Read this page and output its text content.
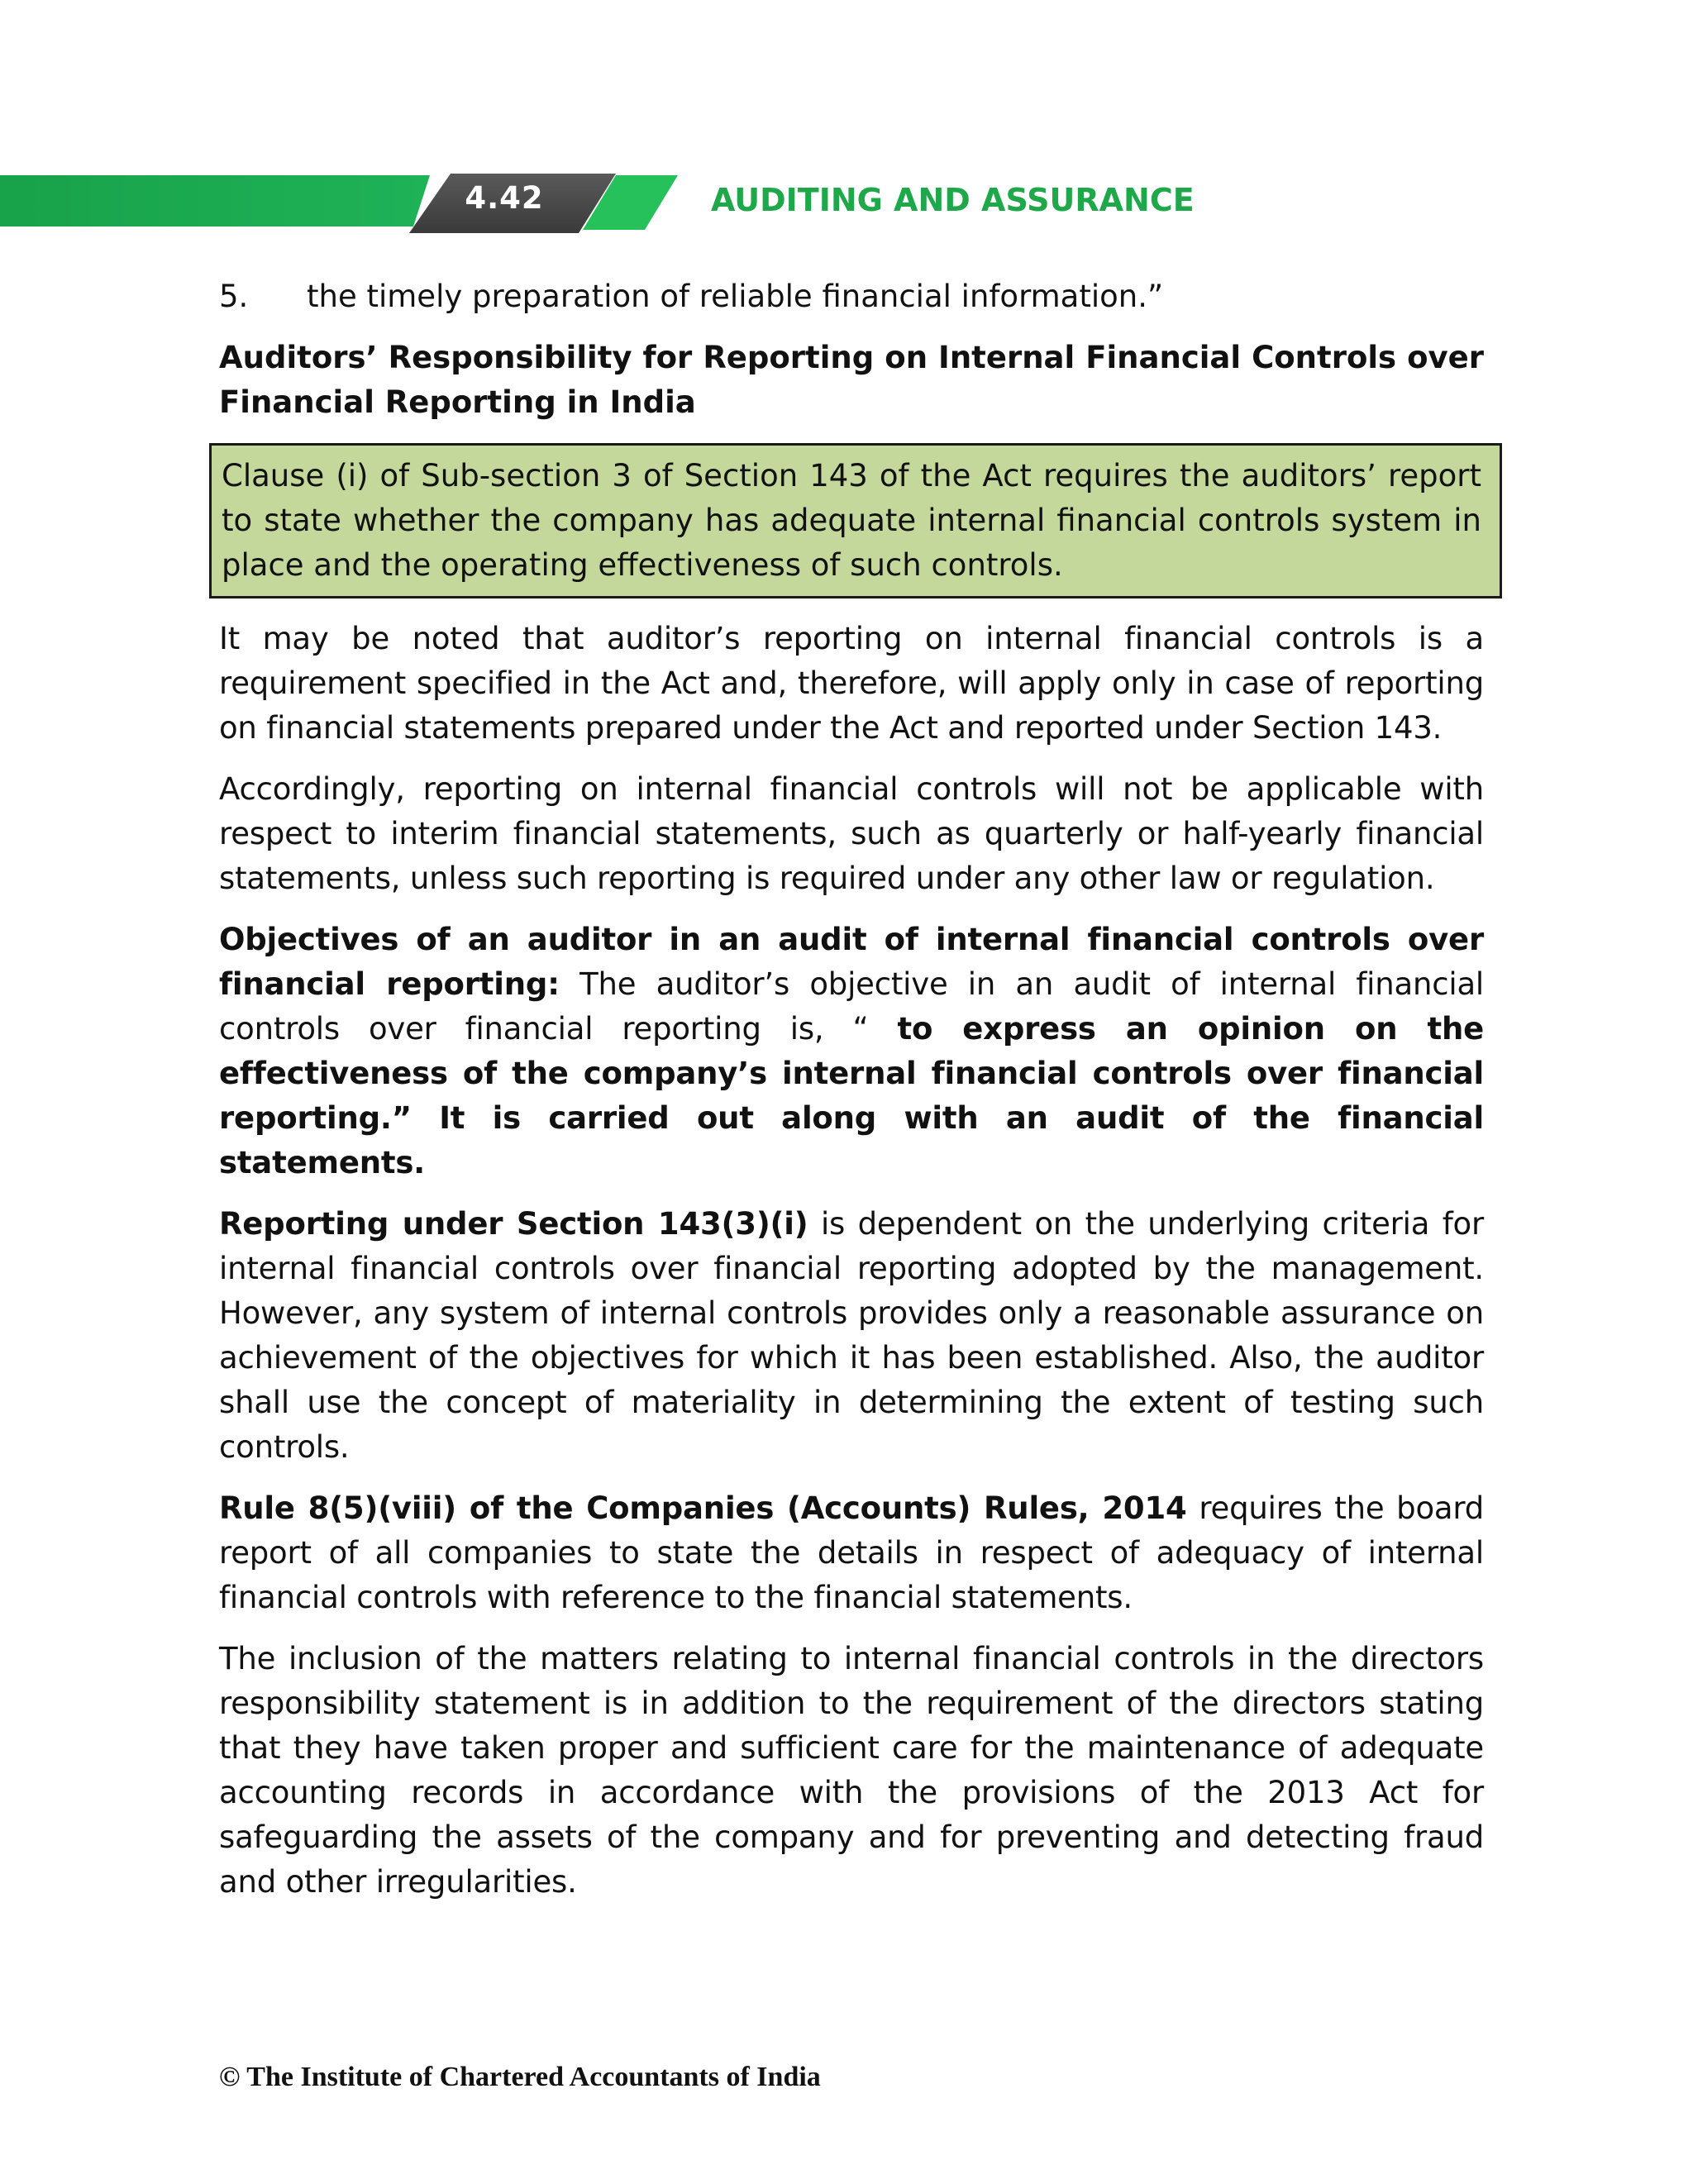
4.42	AUDITING AND ASSURANCE
5.	the timely preparation of reliable financial information.”
Auditors’ Responsibility for Reporting on Internal Financial Controls over Financial Reporting in India
Clause (i) of Sub-section 3 of Section 143 of the Act requires the auditors’ report to state whether the company has adequate internal financial controls system in place and the operating effectiveness of such controls.

It may be noted that auditor’s reporting on internal financial controls is a requirement specified in the Act and, therefore, will apply only in case of reporting on financial statements prepared under the Act and reported under Section 143.

Accordingly, reporting on internal financial controls will not be applicable with respect to interim financial statements, such as quarterly or half-yearly financial statements, unless such reporting is required under any other law or regulation.

Objectives of an auditor in an audit of internal financial controls over financial reporting: The auditor’s objective in an audit of internal financial controls over financial reporting is, “ to express an opinion on the effectiveness of the company’s internal financial controls over financial reporting.” It is carried out along with an audit of the financial statements.

Reporting under Section 143(3)(i) is dependent on the underlying criteria for internal financial controls over financial reporting adopted by the management. However, any system of internal controls provides only a reasonable assurance on achievement of the objectives for which it has been established. Also, the auditor shall use the concept of materiality in determining the extent of testing such controls.

Rule 8(5)(viii) of the Companies (Accounts) Rules, 2014 requires the board report of all companies to state the details in respect of adequacy of internal financial controls with reference to the financial statements.

The inclusion of the matters relating to internal financial controls in the directors responsibility statement is in addition to the requirement of the directors stating that they have taken proper and sufficient care for the maintenance of adequate accounting records in accordance with the provisions of the 2013 Act for safeguarding the assets of the company and for preventing and detecting fraud and other irregularities.

© The Institute of Chartered Accountants of India
